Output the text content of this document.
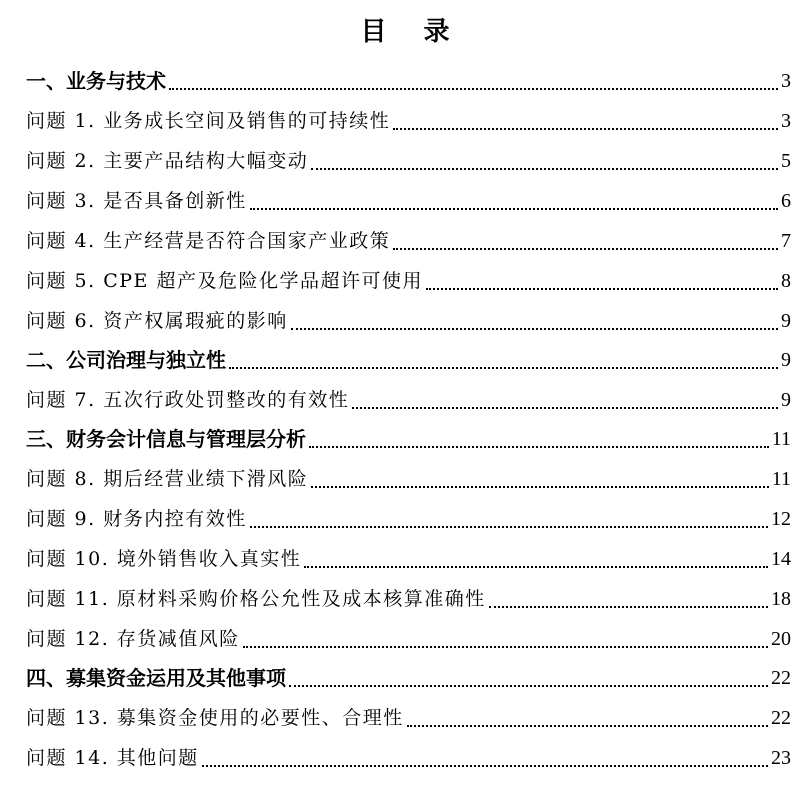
目 录
一、业务与技术	3
问题 1. 业务成长空间及销售的可持续性	3
问题 2. 主要产品结构大幅变动	5
问题 3. 是否具备创新性	6
问题 4. 生产经营是否符合国家产业政策	7
问题 5. CPE 超产及危险化学品超许可使用	8
问题 6. 资产权属瑕疵的影响	9
二、公司治理与独立性	9
问题 7. 五次行政处罚整改的有效性	9
三、财务会计信息与管理层分析	11
问题 8. 期后经营业绩下滑风险	11
问题 9. 财务内控有效性	12
问题 10. 境外销售收入真实性	14
问题 11. 原材料采购价格公允性及成本核算准确性	18
问题 12. 存货减值风险	20
四、募集资金运用及其他事项	22
问题 13. 募集资金使用的必要性、合理性	22
问题 14. 其他问题	23
